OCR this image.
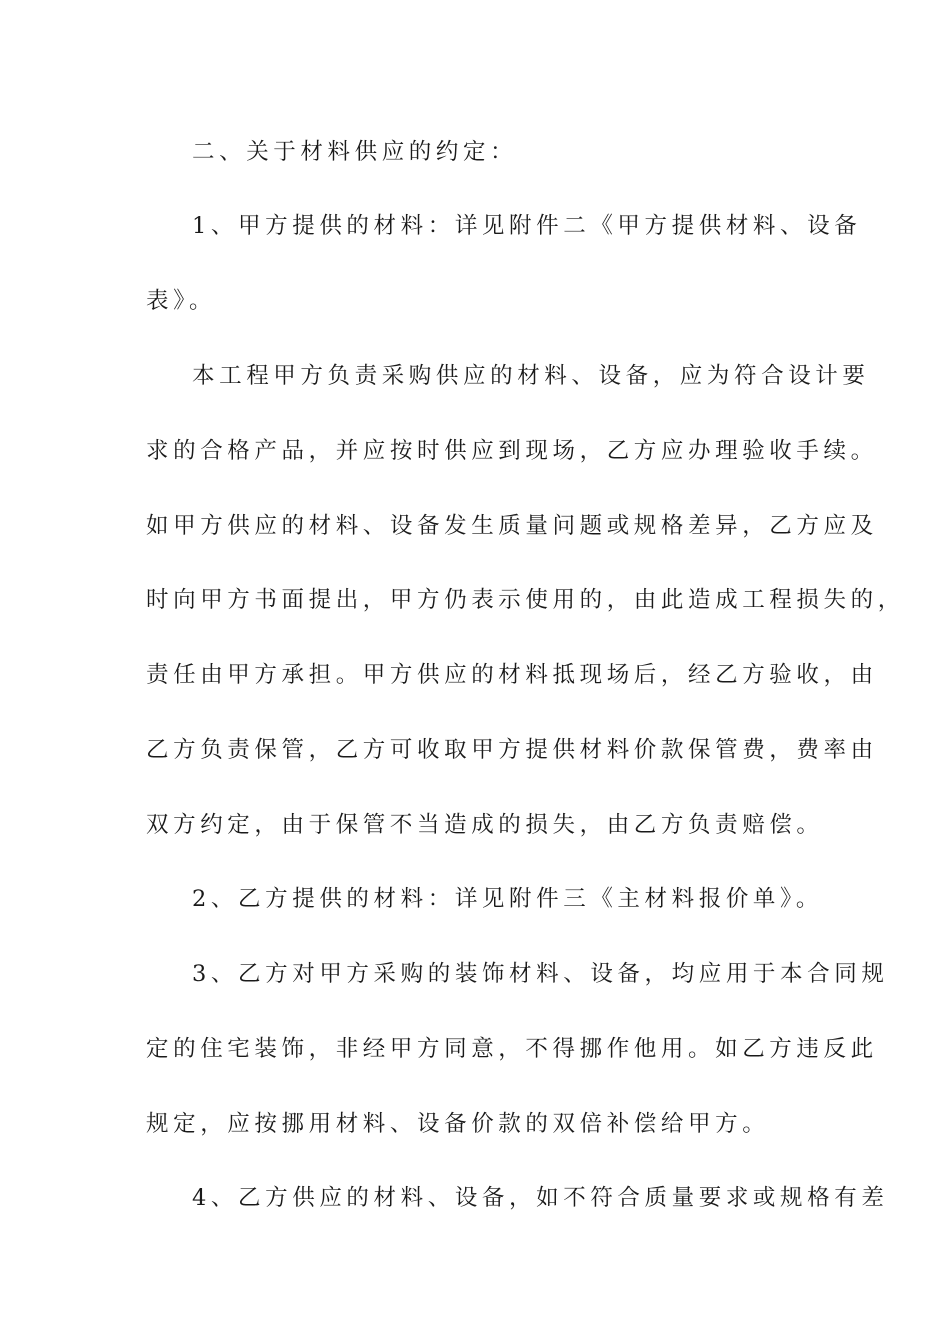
二、关于材料供应的约定：
1、甲方提供的材料：详见附件二《甲方提供材料、设备
表》。
本工程甲方负责采购供应的材料、设备，应为符合设计要
求的合格产品，并应按时供应到现场，乙方应办理验收手续。
如甲方供应的材料、设备发生质量问题或规格差异，乙方应及
时向甲方书面提出，甲方仍表示使用的，由此造成工程损失的，
责任由甲方承担。甲方供应的材料抵现场后，经乙方验收，由
乙方负责保管，乙方可收取甲方提供材料价款保管费，费率由
双方约定，由于保管不当造成的损失，由乙方负责赔偿。
2、乙方提供的材料：详见附件三《主材料报价单》。
3、乙方对甲方采购的装饰材料、设备，均应用于本合同规
定的住宅装饰，非经甲方同意，不得挪作他用。如乙方违反此
规定，应按挪用材料、设备价款的双倍补偿给甲方。
4、乙方供应的材料、设备，如不符合质量要求或规格有差
